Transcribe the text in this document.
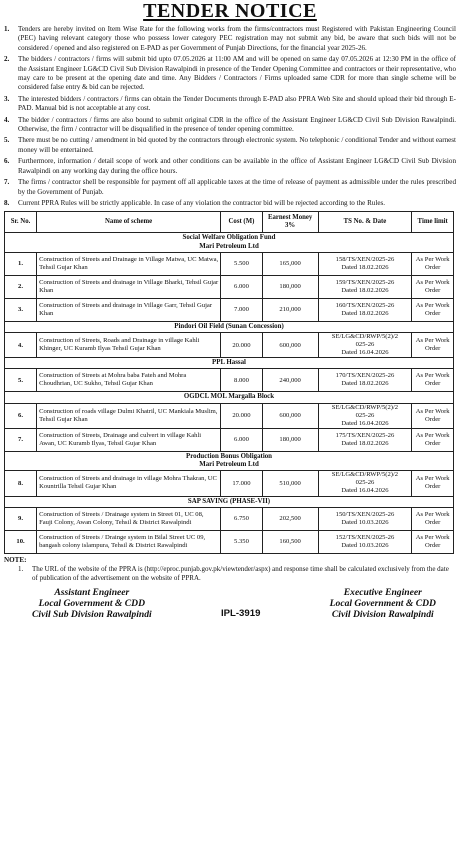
TENDER NOTICE
1.	Tenders are hereby invited on Item Wise Rate for the following works from the firms/contractors must Registered with Pakistan Engineering Council (PEC) having relevant category those who possess lower category PEC registration may not submit any bid, be aware that such bids will not be considered / opened and also registered on E-PAD as per Government of Punjab Directions, for the financial year 2025-26.
2.	The bidders / contractors / firms will submit bid upto 07.05.2026 at 11:00 AM and will be opened on same day 07.05.2026 at 12:30 PM in the office of the Assistant Engineer LG&CD Civil Sub Division Rawalpindi in presence of the Tender Opening Committee and contractors or their representative, who may care to be present at the opening date and time. Any Bidders / Contractors / Firms uploaded same CDR for more than single scheme will be considered false entry & bid can be rejected.
3.	The interested bidders / contractors / firms can obtain the Tender Documents through E-PAD also PPRA Web Site and should upload their bid through E-PAD. Manual bid is not acceptable at any cost.
4.	The bidder / contractors / firms are also bound to submit original CDR in the office of the Assistant Engineer LG&CD Civil Sub Division Rawalpindi. Otherwise, the firm / contractor will be disqualified in the presence of tender opening committee.
5.	There must be no cutting / amendment in bid quoted by the contractors through electronic system. No telephonic / conditional Tender and without earnest money will be entertained.
6.	Furthermore, information / detail scope of work and other conditions can be available in the office of Assistant Engineer LG&CD Civil Sub Division Rawalpindi on any working day during the office hours.
7.	The firms / contractor shell be responsible for payment off all applicable taxes at the time of release of payment as admissible under the rules prescribed by the Government of Punjab.
8.	Current PPRA Rules will be strictly applicable. In case of any violation the contractor bid will be rejected according to the Rules.
Sr. No.	Name of scheme	Cost (M)	Earnest Money 3%	TS No. & Date	Time limit
Social Welfare Obligation Fund
Mari Petroleum Ltd					
1.	Construction of Streets and Drainage in Village Matwa, UC Matwa, Tehsil Gujar Khan	5.500	165,000	158/TS/XEN/2025-26
Dated 18.02.2026	As Per Work Order
2.	Construction of Streets and drainage in Village Bharki, Tehsil Gujar Khan	6.000	180,000	159/TS/XEN/2025-26
Dated 18.02.2026	As Per Work Order
3.	Construction of Streets and drainage in Village Garr, Tehsil Gujar Khan	7.000	210,000	160/TS/XEN/2025-26
Dated 18.02.2026	As Per Work Order
Pindori Oil Field (Sunan Concession)					
4.	Construction of Streets, Roads and Drainage in village Kahli Khinger, UC Kuramb Ilyas Tehsil Gujar Khan	20.000	600,000	SE/LG&CD/RWP/5(2)/2
025-26
Dated 16.04.2026	As Per Work Order
PPL Hassal					
5.	Construction of Streets at Mohra baba Fateh and Mohra Choudhrian, UC Sukho, Tehsil Gujar Khan	8.000	240,000	170/TS/XEN/2025-26
Dated 18.02.2026	As Per Work Order
OGDCL MOL Margalla Block					
6.	Construction of roads village Dulmi Khatril, UC Mankiala Muslim, Tehsil Gujar Khan	20.000	600,000	SE/LG&CD/RWP/5(2)/2
025-26
Dated 16.04.2026	As Per Work Order
7.	Construction of Streets, Drainage and culvert in village Kahli Awan, UC Kuramb Ilyas, Tehsil Gujar Khan	6.000	180,000	175/TS/XEN/2025-26
Dated 18.02.2026	As Per Work Order
Production Bonus Obligation
Mari Petroleum Ltd					
8.	Construction of Streets and drainage in village Mohra Thakran, UC Kountrilla Tehsil Gujar Khan	17.000	510,000	SE/LG&CD/RWP/5(2)/2
025-26
Dated 16.04.2026	As Per Work Order
SAP SAVING (PHASE-VII)					
9.	Construction of Streets / Drainage system in Street 01, UC 08, Fauji Colony, Awan Colony, Tehsil & District Rawalpindi	6.750	202,500	150/TS/XEN/2025-26
Dated 10.03.2026	As Per Work Order
10.	Construction of Streets / Drainge system in Bilal Street UC 09, bangash colony islampura, Tehsil & District Rawalpindi	5.350	160,500	152/TS/XEN/2025-26
Dated 10.03.2026	As Per Work Order
NOTE:
1.	The URL of the website of the PPRA is (http://eproc.punjab.gov.pk/viewtender/aspx) and response time shall be calculated exclusively from the date of publication of the advertisement on the website of PPRA.
Assistant Engineer
Local Government & CDD
Civil Sub Division Rawalpindi	IPL-3919
Executive Engineer
Local Government & CDD
Civil Division Rawalpindi
